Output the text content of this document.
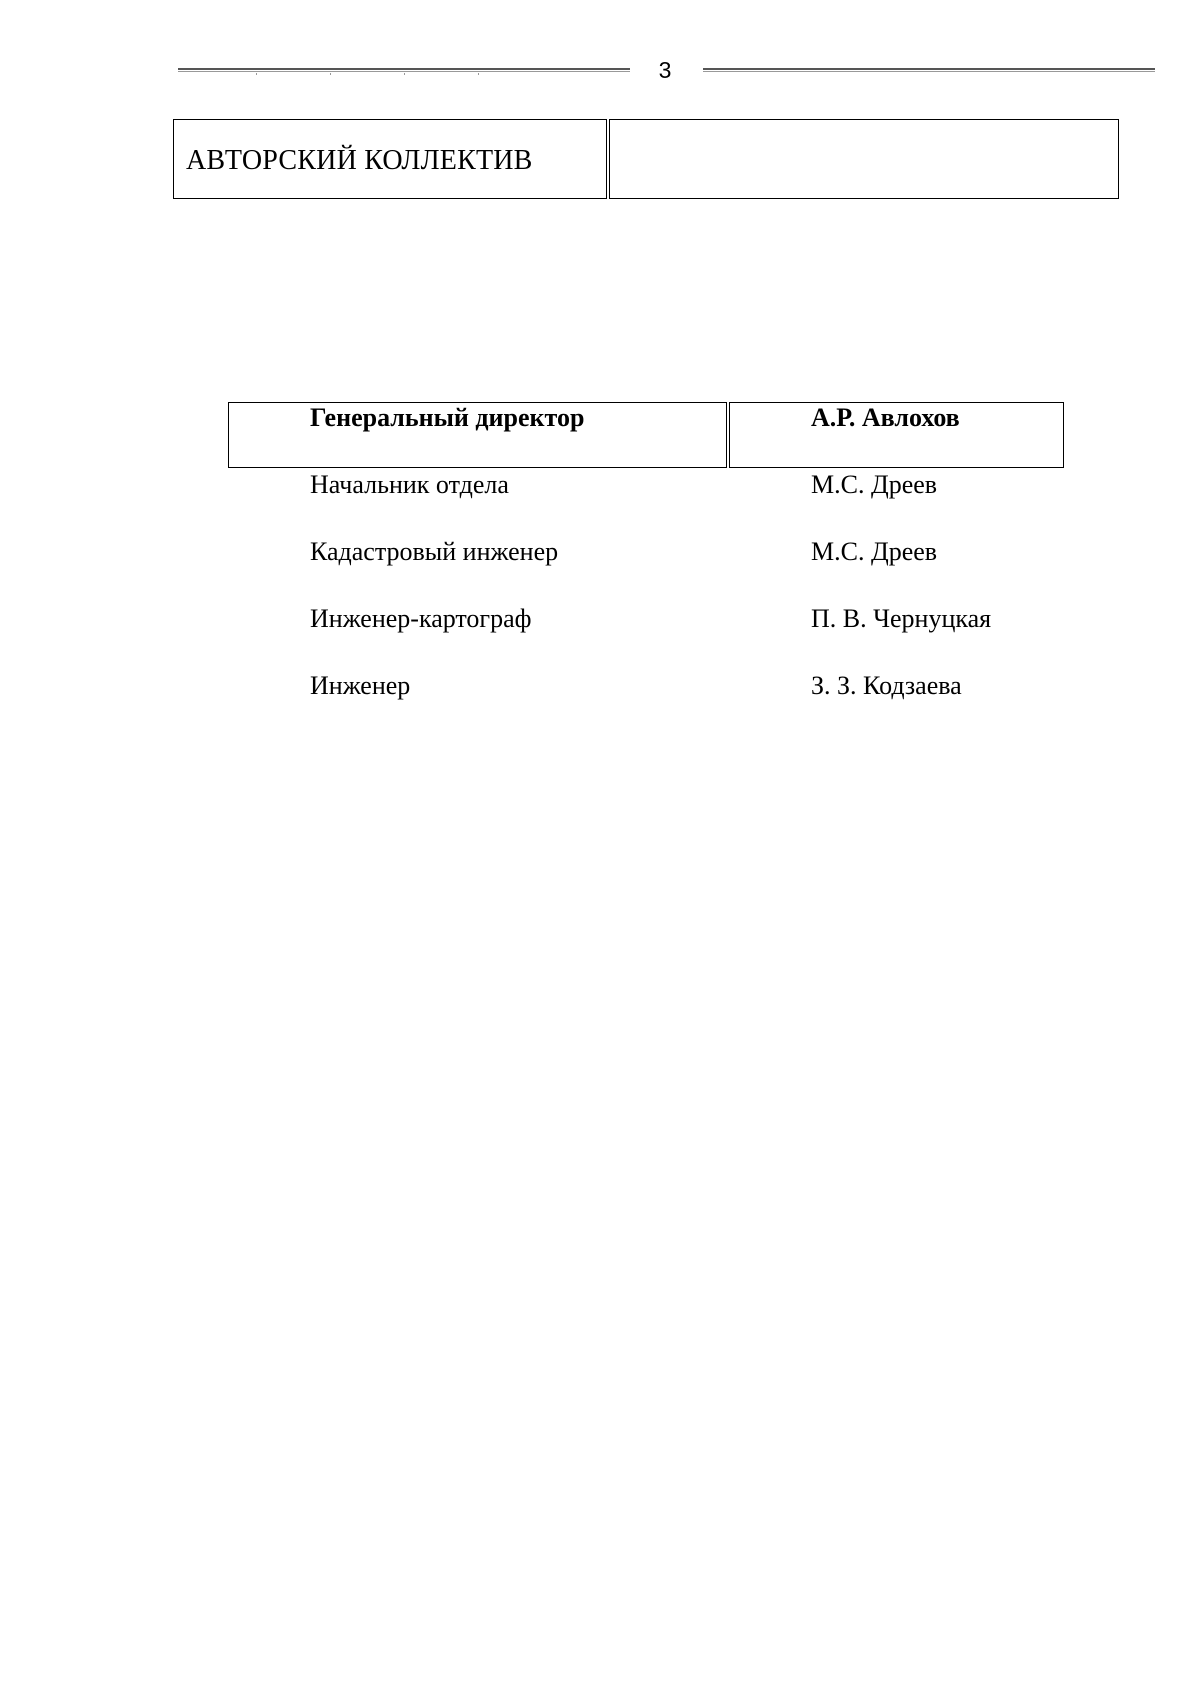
3
АВТОРСКИЙ КОЛЛЕКТИВ
Генеральный директор	А.Р. Авлохов
Начальник отдела	М.С. Дреев
Кадастровый инженер	М.С. Дреев
Инженер-картограф	П. В. Чернуцкая
Инженер	З. З. Кодзаева
